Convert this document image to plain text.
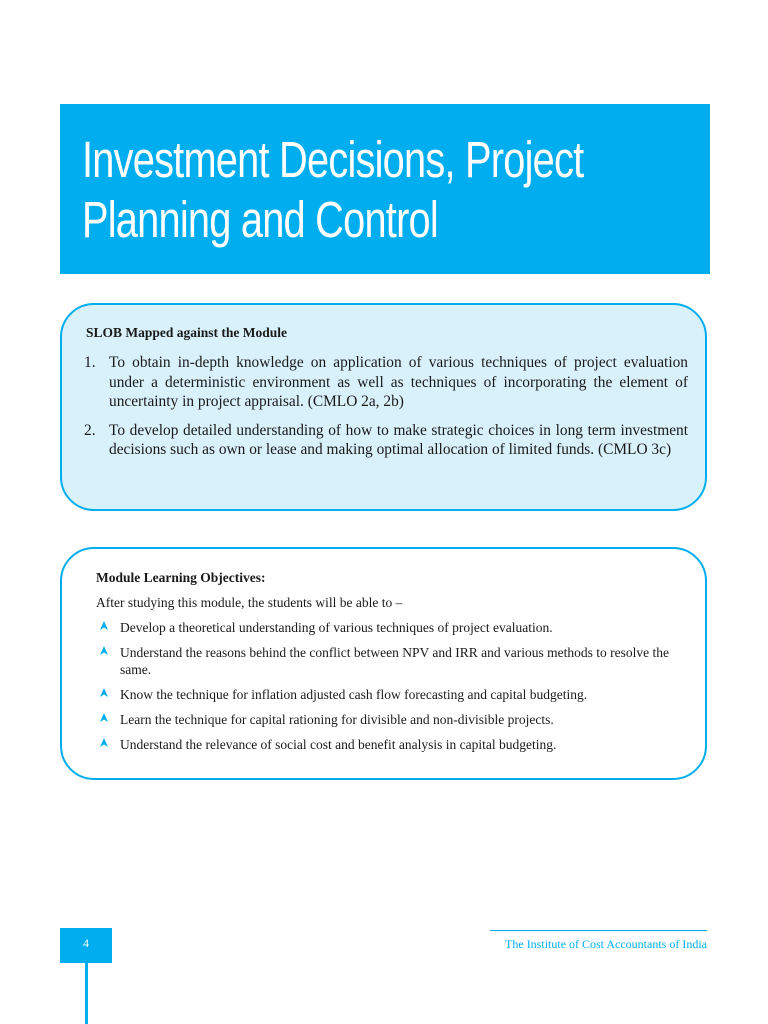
Investment Decisions, Project
Planning and Control

SLOB Mapped against the Module

1. To obtain in-depth knowledge on application of various techniques of project evaluation under a deterministic environment as well as techniques of incorporating the element of uncertainty in project appraisal. (CMLO 2a, 2b)
2. To develop detailed understanding of how to make strategic choices in long term investment decisions such as own or lease and making optimal allocation of limited funds. (CMLO 3c)

Module Learning Objectives:

After studying this module, the students will be able to –

Develop a theoretical understanding of various techniques of project evaluation.
Understand the reasons behind the conflict between NPV and IRR and various methods to resolve the same.
Know the technique for inflation adjusted cash flow forecasting and capital budgeting.
Learn the technique for capital rationing for divisible and non-divisible projects.
Understand the relevance of social cost and benefit analysis in capital budgeting.
4	The Institute of Cost Accountants of India
